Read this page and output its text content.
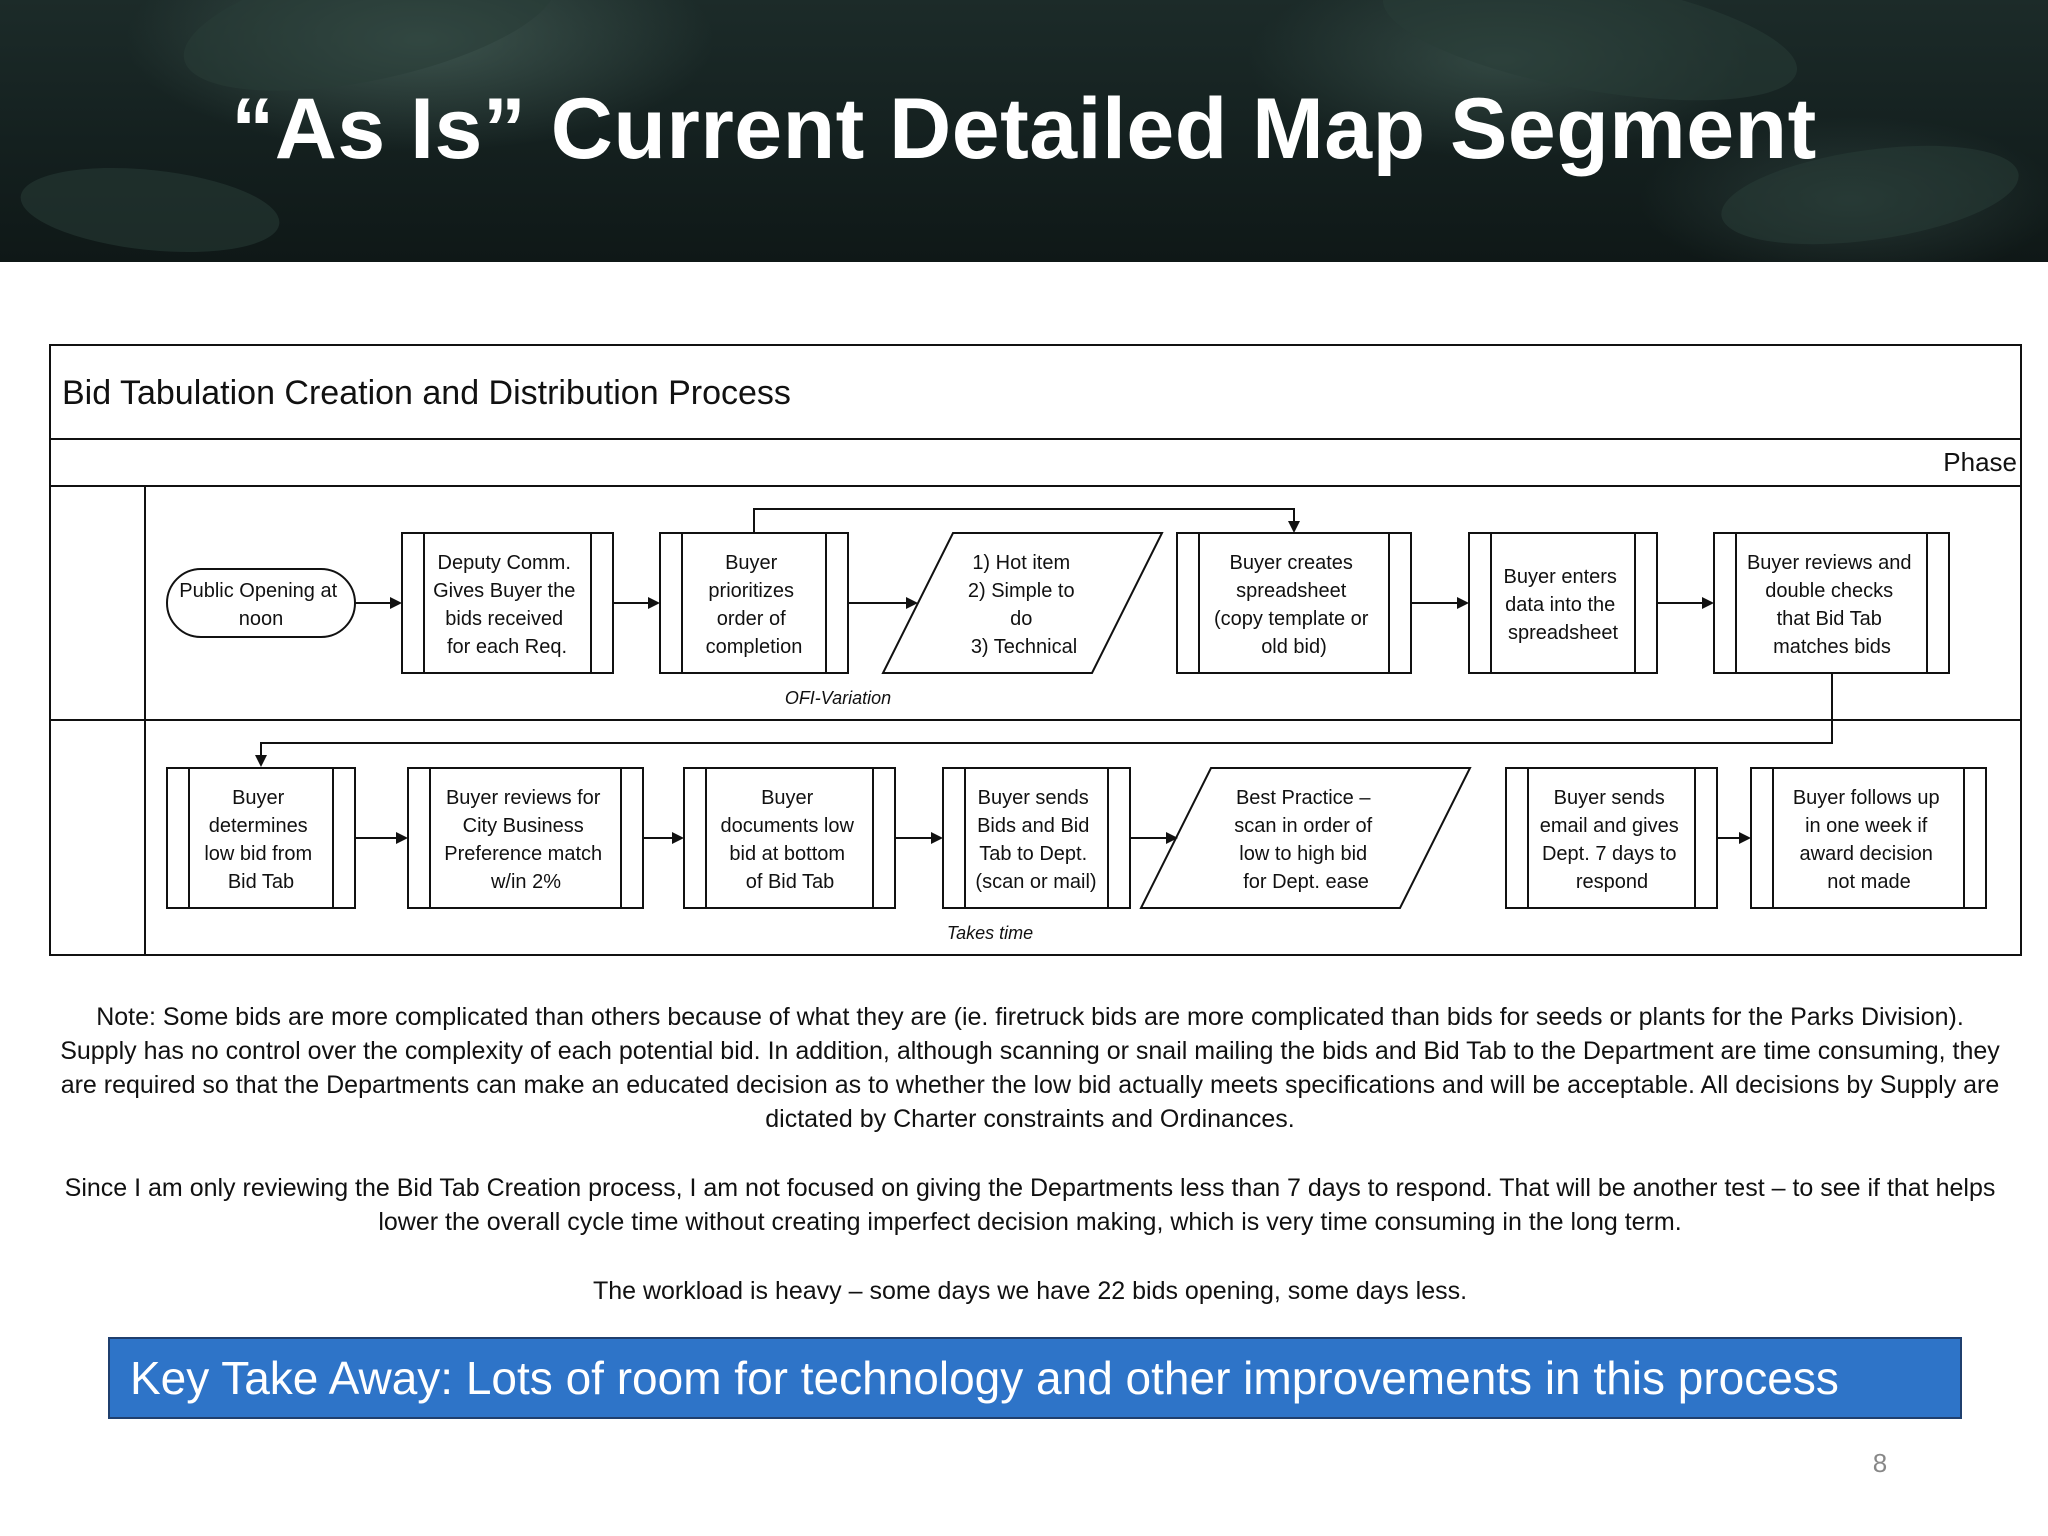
“As Is” Current Detailed Map Segment
Bid Tabulation Creation and Distribution Process
Phase
Public Opening at noon
Deputy Comm. Gives Buyer the bids received for each Req.
Buyer prioritizes order of completion
1) Hot item 2) Simple to do 3) Technical
Buyer creates spreadsheet (copy template or old bid)
Buyer enters data into the spreadsheet
Buyer reviews and double checks that Bid Tab matches bids
OFI-Variation
Buyer determines low bid from Bid Tab
Buyer reviews for City Business Preference match w/in 2%
Buyer documents low bid at bottom of Bid Tab
Buyer sends Bids and Bid Tab to Dept. (scan or mail)
Best Practice – scan in order of low to high bid for Dept. ease
Buyer sends email and gives Dept. 7 days to respond
Buyer follows up in one week if award decision not made
Takes time

Note: Some bids are more complicated than others because of what they are (ie. firetruck bids are more complicated than bids for seeds or plants for the Parks Division). Supply has no control over the complexity of each potential bid. In addition, although scanning or snail mailing the bids and Bid Tab to the Department are time consuming, they are required so that the Departments can make an educated decision as to whether the low bid actually meets specifications and will be acceptable. All decisions by Supply are dictated by Charter constraints and Ordinances.

Since I am only reviewing the Bid Tab Creation process, I am not focused on giving the Departments less than 7 days to respond. That will be another test – to see if that helps lower the overall cycle time without creating imperfect decision making, which is very time consuming in the long term.

The workload is heavy – some days we have 22 bids opening, some days less.

Key Take Away: Lots of room for technology and other improvements in this process
8
